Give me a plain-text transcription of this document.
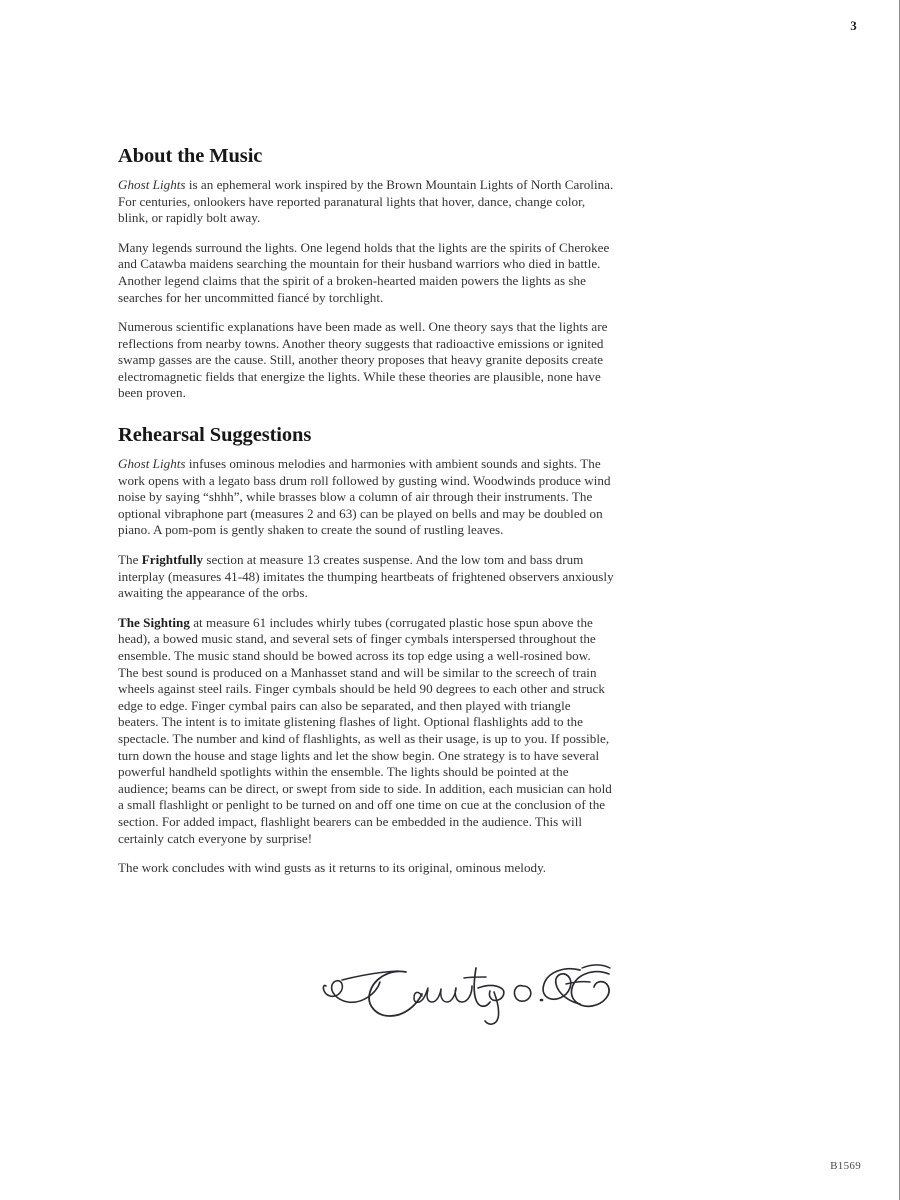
3
About the Music

Ghost Lights is an ephemeral work inspired by the Brown Mountain Lights of North Carolina. For centuries, onlookers have reported paranatural lights that hover, dance, change color, blink, or rapidly bolt away.

Many legends surround the lights. One legend holds that the lights are the spirits of Cherokee and Catawba maidens searching the mountain for their husband warriors who died in battle. Another legend claims that the spirit of a broken-hearted maiden powers the lights as she searches for her uncommitted fiancé by torchlight.

Numerous scientific explanations have been made as well. One theory says that the lights are reflections from nearby towns. Another theory suggests that radioactive emissions or ignited swamp gasses are the cause. Still, another theory proposes that heavy granite deposits create electromagnetic fields that energize the lights. While these theories are plausible, none have been proven.

Rehearsal Suggestions

Ghost Lights infuses ominous melodies and harmonies with ambient sounds and sights. The work opens with a legato bass drum roll followed by gusting wind. Woodwinds produce wind noise by saying “shhh”, while brasses blow a column of air through their instruments. The optional vibraphone part (measures 2 and 63) can be played on bells and may be doubled on piano. A pom-pom is gently shaken to create the sound of rustling leaves.

The Frightfully section at measure 13 creates suspense. And the low tom and bass drum interplay (measures 41-48) imitates the thumping heartbeats of frightened observers anxiously awaiting the appearance of the orbs.

The Sighting at measure 61 includes whirly tubes (corrugated plastic hose spun above the head), a bowed music stand, and several sets of finger cymbals interspersed throughout the ensemble. The music stand should be bowed across its top edge using a well-rosined bow. The best sound is produced on a Manhasset stand and will be similar to the screech of train wheels against steel rails. Finger cymbals should be held 90 degrees to each other and struck edge to edge. Finger cymbal pairs can also be separated, and then played with triangle beaters. The intent is to imitate glistening flashes of light. Optional flashlights add to the spectacle. The number and kind of flashlights, as well as their usage, is up to you. If possible, turn down the house and stage lights and let the show begin. One strategy is to have several powerful handheld spotlights within the ensemble. The lights should be pointed at the audience; beams can be direct, or swept from side to side. In addition, each musician can hold a small flashlight or penlight to be turned on and off one time on cue at the conclusion of the section. For added impact, flashlight bearers can be embedded in the audience. This will certainly catch everyone by surprise!

The work concludes with wind gusts as it returns to its original, ominous melody.

B1569
